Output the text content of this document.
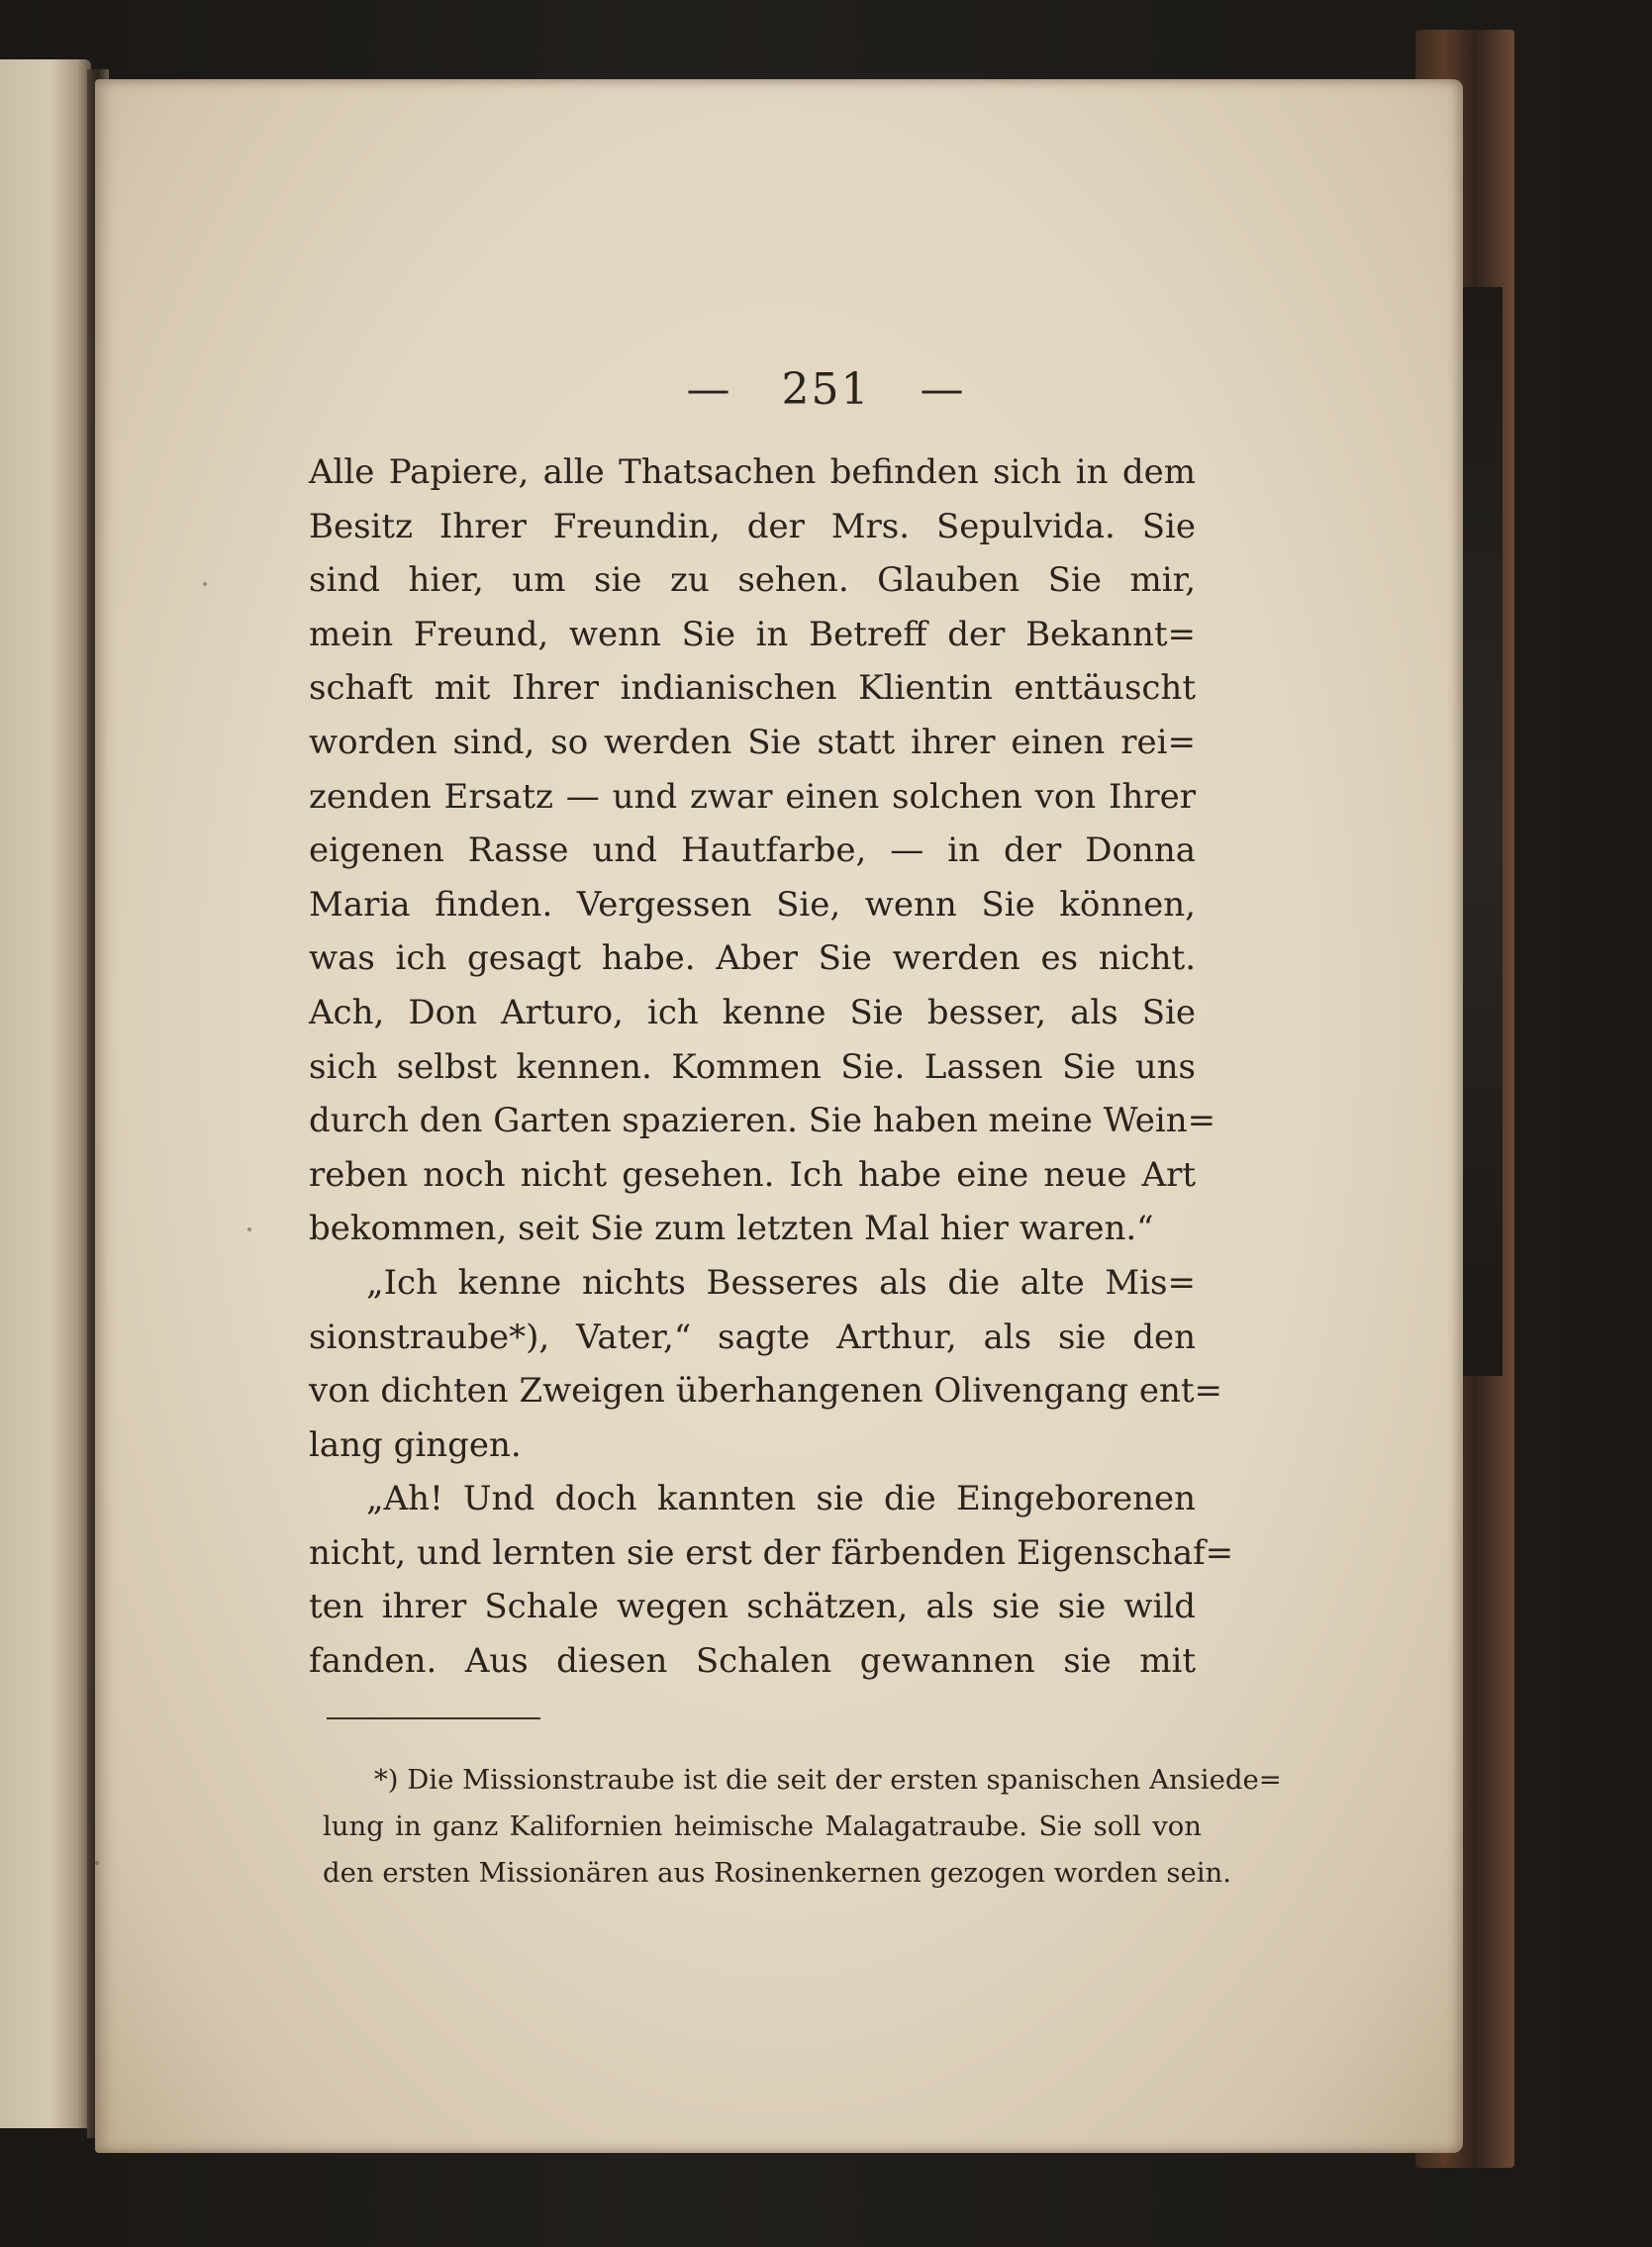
— 251 —
Alle Papiere, alle Thatsachen befinden sich in dem
Besitz Ihrer Freundin, der Mrs. Sepulvida. Sie
sind hier, um sie zu sehen. Glauben Sie mir,
mein Freund, wenn Sie in Betreff der Bekannt=
schaft mit Ihrer indianischen Klientin enttäuscht
worden sind, so werden Sie statt ihrer einen rei=
zenden Ersatz — und zwar einen solchen von Ihrer
eigenen Rasse und Hautfarbe, — in der Donna
Maria finden. Vergessen Sie, wenn Sie können,
was ich gesagt habe. Aber Sie werden es nicht.
Ach, Don Arturo, ich kenne Sie besser, als Sie
sich selbst kennen. Kommen Sie. Lassen Sie uns
durch den Garten spazieren. Sie haben meine Wein=
reben noch nicht gesehen. Ich habe eine neue Art
bekommen, seit Sie zum letzten Mal hier waren.“
„Ich kenne nichts Besseres als die alte Mis=
sionstraube*), Vater,“ sagte Arthur, als sie den
von dichten Zweigen überhangenen Olivengang ent=
lang gingen.
„Ah! Und doch kannten sie die Eingeborenen
nicht, und lernten sie erst der färbenden Eigenschaf=
ten ihrer Schale wegen schätzen, als sie sie wild
fanden. Aus diesen Schalen gewannen sie mit
*) Die Missionstraube ist die seit der ersten spanischen Ansiede=
lung in ganz Kalifornien heimische Malagatraube. Sie soll von
den ersten Missionären aus Rosinenkernen gezogen worden sein.
